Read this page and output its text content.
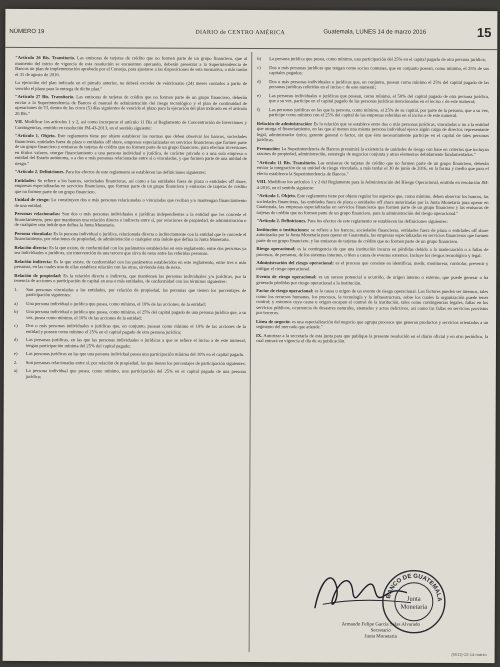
NÚMERO 19	DIARIO de CENTRO AMÉRICA	Guatemala, LUNES 14 de marzo 2016	15

"Artículo 26 Bis. Transitorio. Las emisoras de tarjetas de crédito que no formen parte de un grupo financiero, que al momento del inicio de vigencia de esta resolución se encuentren operando, deberán presentar a la Superintendencia de Bancos un plan de implementación aprobado por el Consejo, para ajustarse a las disposiciones de esta normativa, a más tardar el 31 de agosto de 2016.

La ejecución del plan indicado en el párrafo anterior, no deberá exceder de veinticuatro (24) meses contados a partir de vencido el plazo para la entrega de dicho plan."

"Artículo 27 Bis. Transitorio. Las emisoras de tarjetas de crédito que no formen parte de un grupo financiero, deberán enviar a la Superintendencia de Bancos el manual de administración del riesgo tecnológico y el plan de continuidad de operaciones de TI, dentro de los cinco (5) días siguientes de vencido el plazo para la ejecución del plan indicado en el artículo 26 Bis."

VII. Modificar los artículos 1 y 2, así como incorporar el artículo 11 Bis al Reglamento de Concentración de Inversiones y Contingencias, emitido en resolución JM-43-2013, en el sentido siguiente:

"Artículo 1. Objeto. Este reglamento tiene por objeto establecer las normas que deben observar los bancos, sociedades financieras, entidades fuera de plaza o entidades off shore, empresas especializadas en servicios financieros que formen parte de un grupo financiero y emisoras de tarjetas de crédito que no formen parte de un grupo financiero, para efectuar inversiones en títulos valores, otorgar financiamiento a una persona individual o jurídica, de carácter privado o a una sola empresa o entidad del Estado autónoma, o a dos o más personas relacionadas entre sí o vinculadas, y que formen parte de una unidad de riesgo."

"Artículo 2. Definiciones. Para los efectos de este reglamento se establecen las definiciones siguientes:

Entidades: Se refiere a los bancos, sociedades financieras, así como a las entidades fuera de plaza o entidades off shore, empresas especializadas en servicios financieros, que formen parte de un grupo financiero y emisoras de tarjetas de crédito que no formen parte de un grupo financiero.

Unidad de riesgo: Lo constituyen dos o más personas relacionadas o vinculadas que reciban y/o mantengan financiamiento de una entidad.

Personas relacionadas: Son dos o más personas individuales o jurídicas independientes a la entidad que les concede el financiamiento, pero que mantienen una relación directa o indirecta entre sí, por relaciones de propiedad, de administración o de cualquier otra índole que defina la Junta Monetaria.

Persona vinculada: Es la persona individual o jurídica, relacionada directa o indirectamente con la entidad que le concede el financiamiento, por relaciones de propiedad, de administración o cualquier otra índole que defina la Junta Monetaria.

Relación directa: Es la que existe, de conformidad con los parámetros establecidos en este reglamento, entre dos personas ya sea individuales o jurídicas, sin intervención de una tercera que sirva de nexo entre las referidas personas.

Relación indirecta: Es la que existe, de conformidad con los parámetros establecidos en este reglamento, entre tres o más personas, en las cuales una de ellas establece relación con las otras, sirviendo ésta de nexo.

Relación de propiedad: Es la relación directa o indirecta, que mantienen las personas individuales y/o jurídicas, por la tenencia de acciones o participación de capital en una o más entidades, de conformidad con los términos siguientes:

1.	Son personas vinculadas a las entidades, por relación de propiedad, las personas que tienen los porcentajes de participación siguientes:
a)	Una persona individual o jurídica que posea, como mínimo, el 10% de las acciones, de la entidad;
b)	Una persona individual o jurídica que posea, como mínimo, el 25% del capital pagado de una persona jurídica que, a su vez, posea como mínimo, el 10% de las acciones de la entidad;
c)	Dos o más personas individuales o jurídicas que, en conjunto, posean como mínimo el 10% de las acciones de la entidad y posean como mínimo el 25% en el capital pagado de otra persona jurídica;
d)	Las personas jurídicas, en las que las personas individuales o jurídicas a que se refiere el inciso a de este numeral, tengan participación mínima del 25% del capital pagado;
e)	Las personas jurídicas en las que una persona individual posea una participación mínima del 10% en el capital pagado.
2.	Son personas relacionadas entre sí, por relación de propiedad, las que tienen los porcentajes de participación siguientes:
a)	La persona individual que posea, como mínimo, una participación del 25% en el capital pagado de una persona jurídica;
b)	La persona jurídica que posea, como mínimo, una participación del 25% en el capital pagado de otra persona jurídica;
c)	Dos o más personas jurídicas que tengan como socios comunes, que en conjunto posean, como mínimo, el 25% de sus capitales pagados;
d)	Dos o más personas individuales o jurídicas que, en conjunto, posean como mínimo el 25% del capital pagado de las personas jurídicas referidas en el inciso c de este numeral;
e)	Las personas individuales o jurídicas que posean, como mínimo, el 50% del capital pagado de otra persona jurídica, que a su vez, participe en el capital pagado de las personas jurídicas mencionadas en el inciso c de este numeral;
f)	Las personas jurídicas en las que la persona, como mínimo, el 25% de su capital, por parte de la persona, que a su vez, participe como mínimo con el 25% del capital de las empresas referidas en el inciso e de este numeral.

Relación de administración: Es la relación que se establece entre dos o más personas jurídicas, vinculadas o no a la entidad que otorga el financiamiento, en las que al menos una misma persona individual ejerce algún cargo de director, representante legal, administrador único, gerente general o factor, sin que ésta necesariamente participe en el capital de tales personas jurídicas.

Presunción: La Superintendencia de Bancos presumirá la existencia de unidades de riesgo con base en criterios que incluyan razones de propiedad, administración, estrategia de negocios conjunta y otros elementos debidamente fundamentados."

"Artículo 11 Bis. Transitorio. Las emisoras de tarjetas de crédito que no formen parte de un grupo financiero, deberán enviar la integración de su unidad de riesgo vinculada, a más tardar el 30 de junio de 2016, en la forma y medio que para el efecto establezca la Superintendencia de Bancos."

VIII. Modificar los artículos 1 y 2 del Reglamento para la Administración del Riesgo Operacional, emitido en resolución JM-4-2016, en el sentido siguiente:

"Artículo 1. Objeto. Este reglamento tiene por objeto regular los aspectos que, como mínimo, deben observar los bancos, las sociedades financieras, las entidades fuera de plaza o entidades off shore autorizadas por la Junta Monetaria para operar en Guatemala, las empresas especializadas en servicios financieros que formen parte de un grupo financiero y las emisoras de tarjetas de crédito que no formen parte de un grupo financiero, para la administración del riesgo operacional."

"Artículo 2. Definiciones. Para los efectos de este reglamento se establecen las definiciones siguientes:

Institución o instituciones: se refiere a los bancos, sociedades financieras, entidades fuera de plaza o entidades off shore autorizadas por la Junta Monetaria para operar en Guatemala, las empresas especializadas en servicios financieros que formen parte de un grupo financiero, y las emisoras de tarjetas de crédito que no formen parte de un grupo financiero.

Riesgo operacional: es la contingencia de que una institución incurra en pérdidas debido a la inadecuación o a fallas de procesos, de personas, de los sistemas internos, o bien a causa de eventos externos. Incluye los riesgos tecnológico y legal.

Administración del riesgo operacional: es el proceso que consiste en identificar, medir, monitorear, controlar, prevenir y mitigar el riesgo operacional.

Evento de riesgo operacional: es un suceso potencial u ocurrido, de origen interno o externo, que puede generar o ha generado pérdidas por riesgo operacional a la institución.

Factor de riesgo operacional: es la causa u origen de un evento de riesgo operacional. Los factores pueden ser internos, tales como los recursos humanos, los procesos, la tecnología y la infraestructura, sobre los cuales la organización puede tener control; y externos cuya causa u origen escapan al control de la institución, tales como contingencias legales, fallas en los servicios públicos, ocurrencia de desastres naturales, atentados y actos delictivos, así como las fallas en servicios provistos por terceros.

Línea de negocio: es una especialización del negocio que agrupa procesos que generan productos y servicios orientados a un segmento del mercado que atiende."

IX. Autorizar a la secretaría de esta junta para que publique la presente resolución en el diario oficial y en otro periódico, la cual entrará en vigencia el día de su publicación.

Armando Felipe García Salas Alvarado
Secretario
Junta Monetaria
BANCO DE GUATEMALA
Junta
Monetaria
(5511)-12-14-marzo
